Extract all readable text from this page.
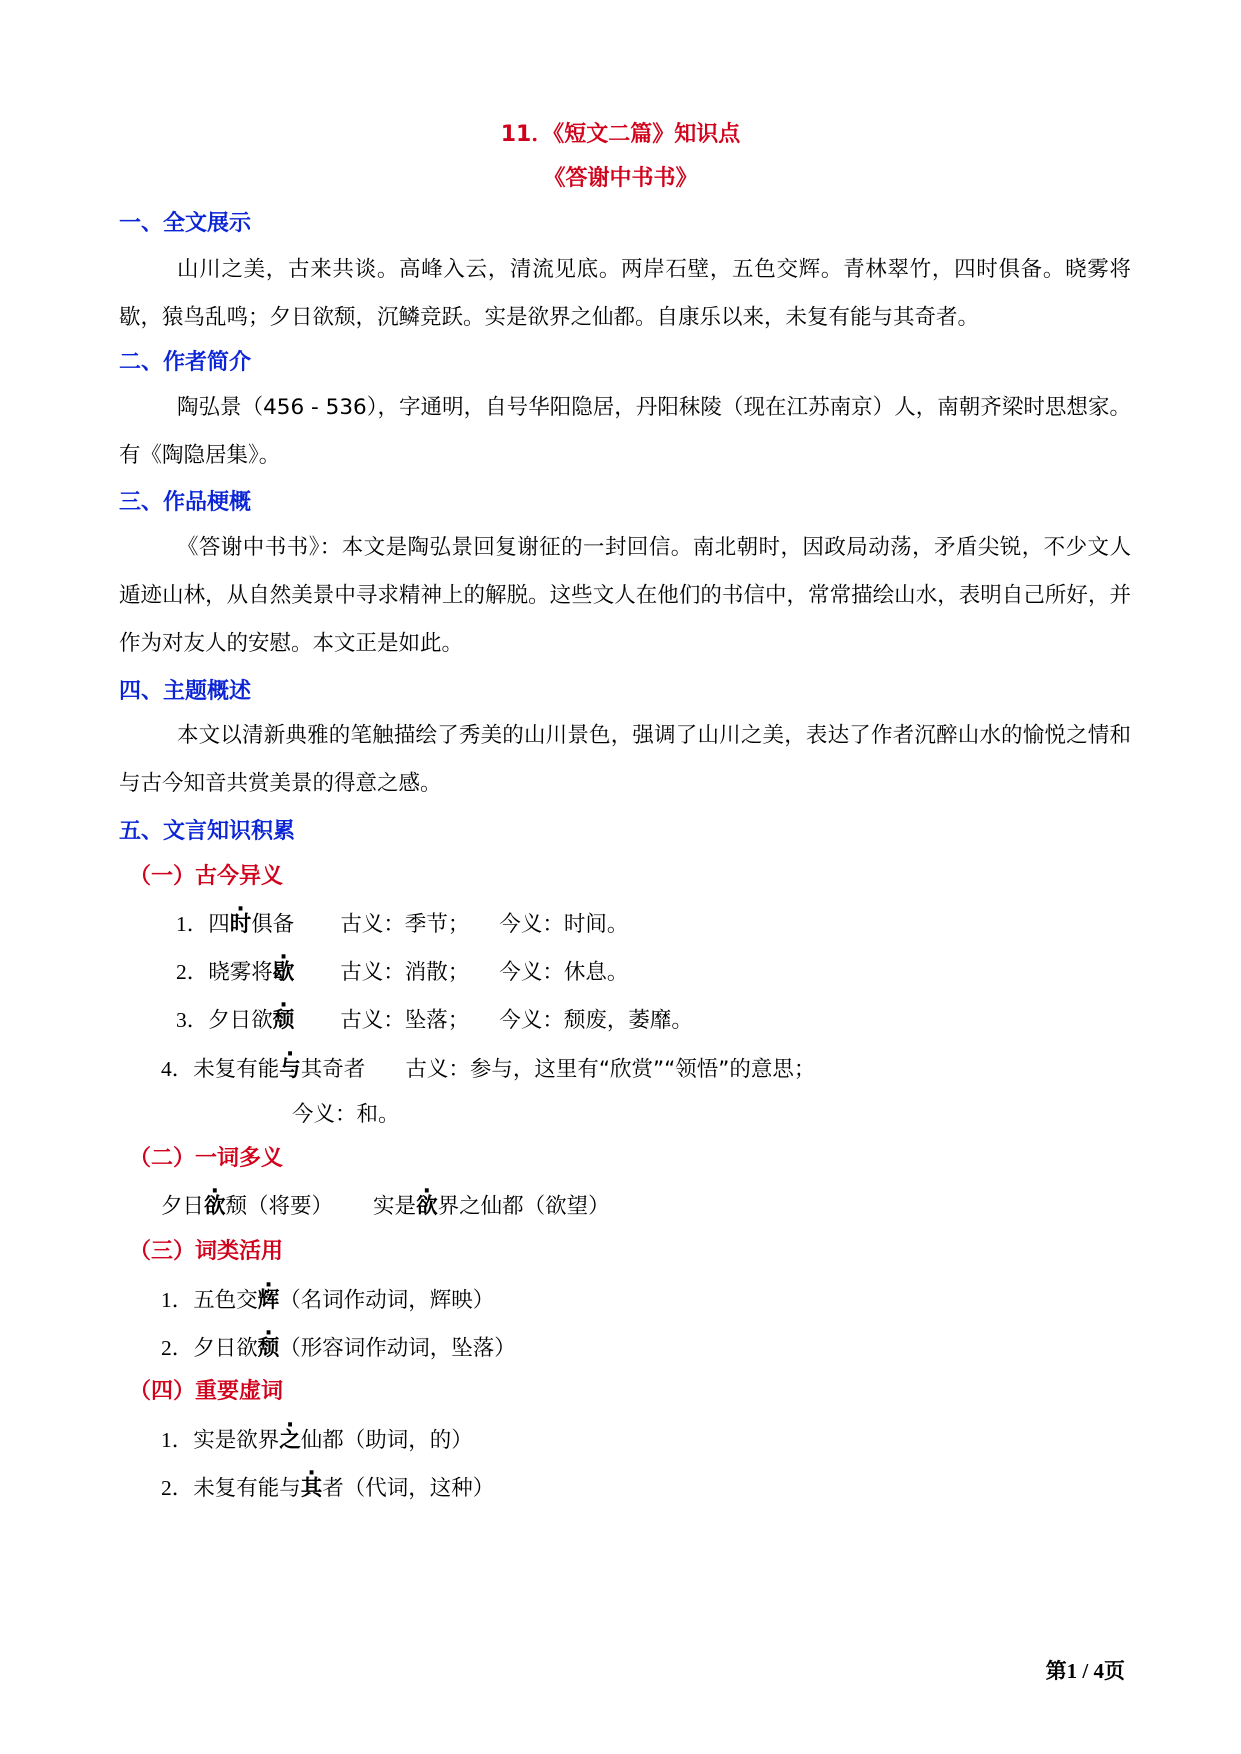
11．《短文二篇》知识点
《答谢中书书》
一、全文展示

山川之美，古来共谈。高峰入云，清流见底。两岸石壁，五色交辉。青林翠竹，四时俱备。晓雾将歇，猿鸟乱鸣；夕日欲颓，沉鳞竞跃。实是欲界之仙都。自康乐以来，未复有能与其奇者。

二、作者简介

陶弘景（456 - 536），字通明，自号华阳隐居，丹阳秣陵（现在江苏南京）人，南朝齐梁时思想家。有《陶隐居集》。

三、作品梗概

《答谢中书书》：本文是陶弘景回复谢征的一封回信。南北朝时，因政局动荡，矛盾尖锐，不少文人遁迹山林，从自然美景中寻求精神上的解脱。这些文人在他们的书信中，常常描绘山水，表明自己所好，并作为对友人的安慰。本文正是如此。

四、主题概述

本文以清新典雅的笔触描绘了秀美的山川景色，强调了山川之美，表达了作者沉醉山水的愉悦之情和与古今知音共赏美景的得意之感。

五、文言知识积累
（一）古今异义
1．四时俱备 古义：季节； 今义：时间。
2．晓雾将歇 古义：消散； 今义：休息。
3．夕日欲颓 古义：坠落； 今义：颓废，萎靡。
4．未复有能与其奇者 古义：参与，这里有“欣赏”“领悟”的意思；
今义：和。
（二）一词多义
夕日欲颓（将要） 实是欲界之仙都（欲望）
（三）词类活用
1．五色交辉（名词作动词，辉映）
2．夕日欲颓（形容词作动词，坠落）
（四）重要虚词
1．实是欲界之仙都（助词，的）
2．未复有能与其者（代词，这种）
第1 / 4页
